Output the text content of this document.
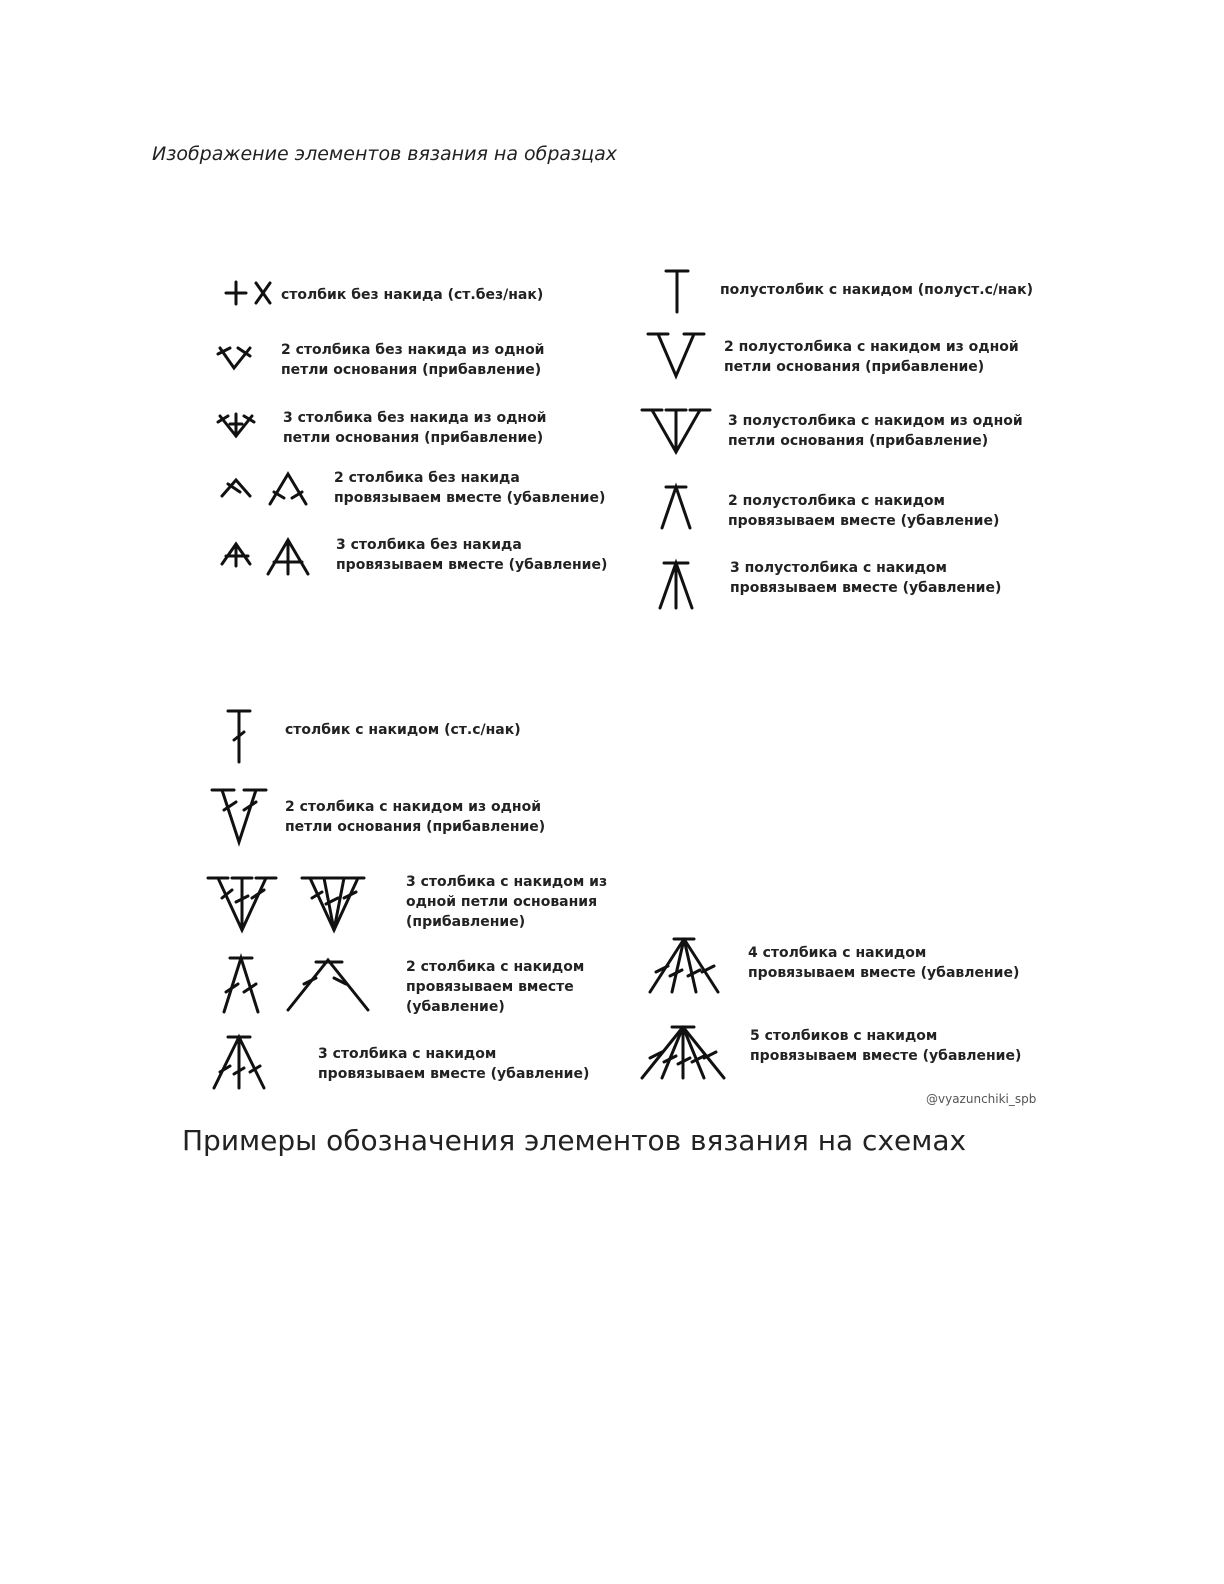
Изображение элементов вязания на образцах
столбик без накида (ст.без/нак)
2 столбика без накида из одной
петли основания (прибавление)
3 столбика без накида из одной
петли основания (прибавление)
2 столбика без накида
провязываем вместе (убавление)
3 столбика без накида
провязываем вместе (убавление)
полустолбик с накидом (полуст.с/нак)
2 полустолбика с накидом из одной
петли основания (прибавление)
3 полустолбика с накидом из одной
петли основания (прибавление)
2 полустолбика с накидом
провязываем вместе (убавление)
3 полустолбика с накидом
провязываем вместе (убавление)
столбик с накидом (ст.с/нак)
2 столбика с накидом из одной
петли основания (прибавление)
3 столбика с накидом из
одной петли основания
(прибавление)
2 столбика с накидом
провязываем вместе
(убавление)
3 столбика с накидом
провязываем вместе (убавление)
4 столбика с накидом
провязываем вместе (убавление)
5 столбиков с накидом
провязываем вместе (убавление)
@vyazunchiki_spb
Примеры обозначения элементов вязания на схемах
